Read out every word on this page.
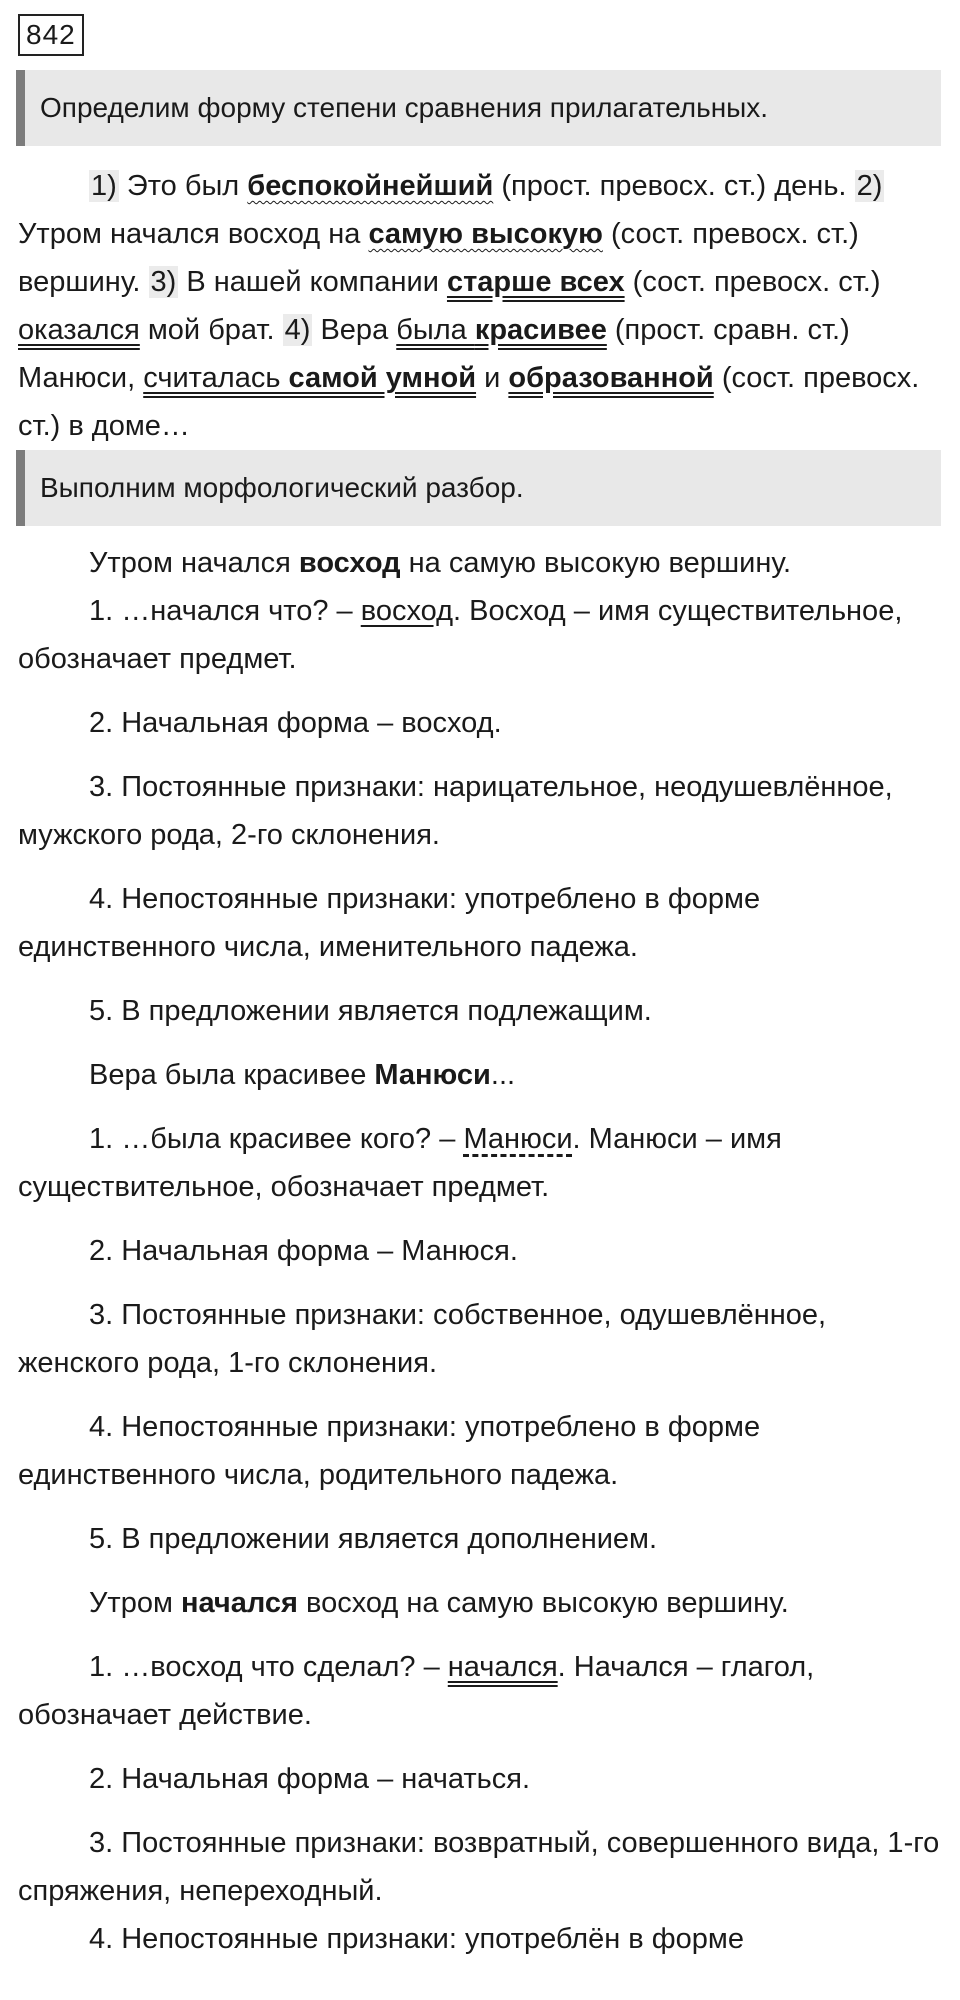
842
Определим форму степени сравнения прилагательных.

1) Это был беспокойнейший (прост. превосх. ст.) день. 2) Утром начался восход на самую высокую (сост. превосх. ст.) вершину. 3) В нашей компании старше всех (сост. превосх. ст.) оказался мой брат. 4) Вера была красивее (прост. сравн. ст.) Манюси, считалась самой умной и образованной (сост. превосх. ст.) в доме…

Выполним морфологический разбор.

Утром начался восход на самую высокую вершину.

1. …начался что? – восход. Восход – имя существительное, обозначает предмет.

2. Начальная форма – восход.

3. Постоянные признаки: нарицательное, неодушевлённое, мужского рода, 2-го склонения.

4. Непостоянные признаки: употреблено в форме единственного числа, именительного падежа.

5. В предложении является подлежащим.

Вера была красивее Манюси...

1. …была красивее кого? – Манюси. Манюси – имя существительное, обозначает предмет.

2. Начальная форма – Манюся.

3. Постоянные признаки: собственное, одушевлённое, женского рода, 1-го склонения.

4. Непостоянные признаки: употреблено в форме единственного числа, родительного падежа.

5. В предложении является дополнением.

Утром начался восход на самую высокую вершину.

1. …восход что сделал? – начался. Начался – глагол, обозначает действие.

2. Начальная форма – начаться.

3. Постоянные признаки: возвратный, совершенного вида, 1-го спряжения, непереходный.

4. Непостоянные признаки: употреблён в форме
